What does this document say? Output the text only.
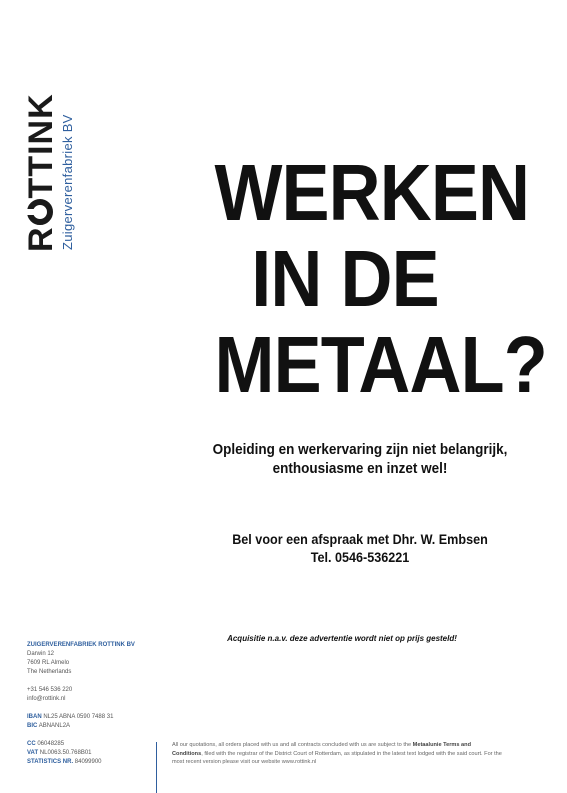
RTTINK Zuigerverenfabriek BV WERKEN
IN DE
METAAL?
Opleiding en werkervaring zijn niet belangrijk,
enthousiasme en inzet wel!
Bel voor een afspraak met Dhr. W. Embsen
Tel. 0546-536221
Acquisitie n.a.v. deze advertentie wordt niet op prijs gesteld!
ZUIGERVERENFABRIEK ROTTINK BV
Darwin 12
7609 RL Almelo
The Netherlands
+31 546 536 220
info@rottink.nl
IBAN NL25 ABNA 0590 7488 31
BIC ABNANL2A
CC 06048285
VAT NL0063.50.768B01
STATISTICS NR. 84099900
All our quotations, all orders placed with us and all contracts concluded with us are subject to the Metaalunie Terms and Conditions, filed with the registrar of the District Court of Rotterdam, as stipulated in the latest text lodged with the said court. For the most recent version please visit our website www.rottink.nl
